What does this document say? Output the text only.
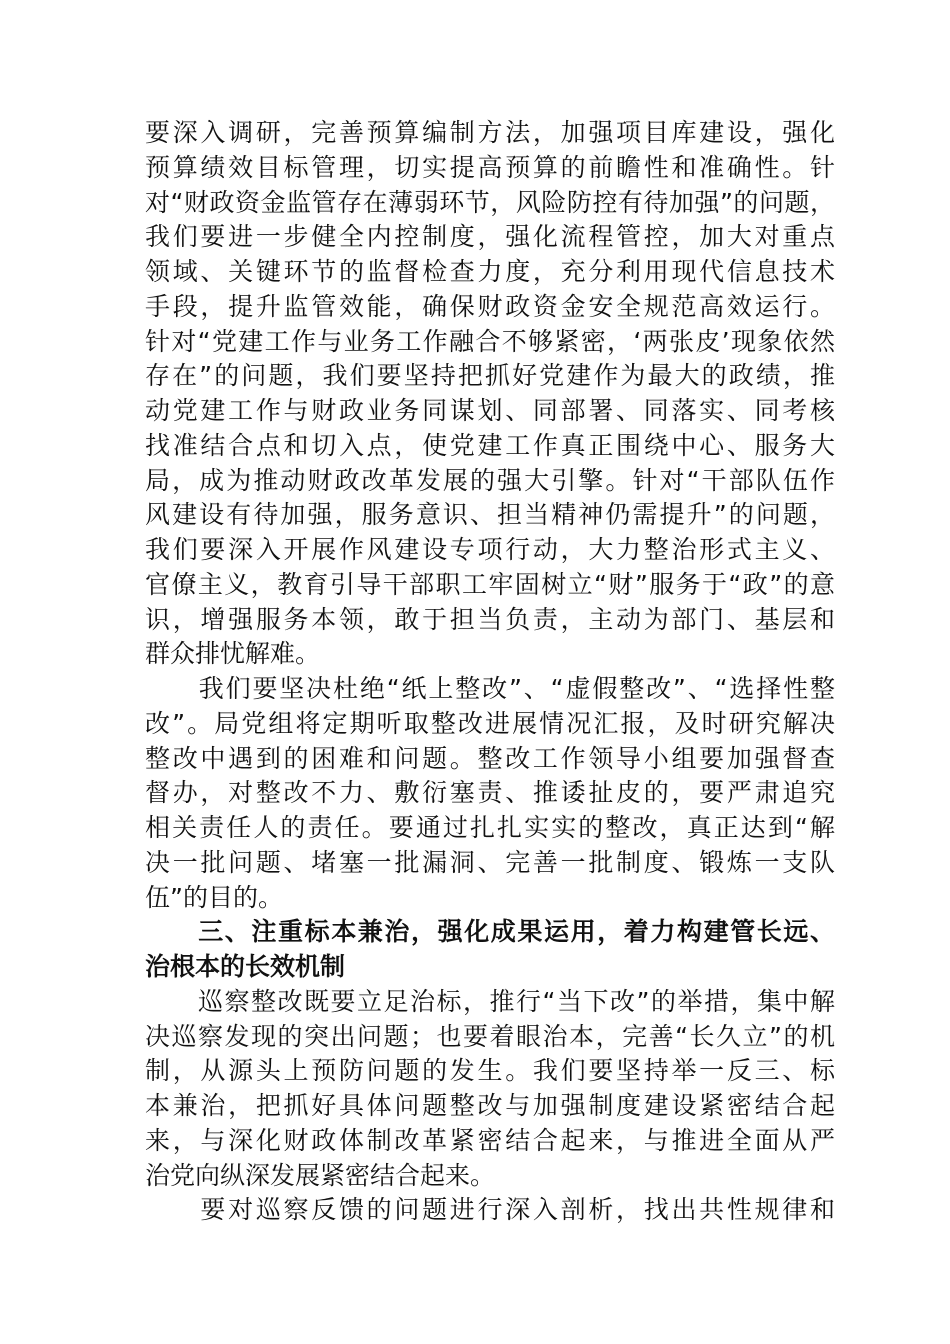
要深入调研，完善预算编制方法，加强项目库建设，强化
预算绩效目标管理，切实提高预算的前瞻性和准确性。针
对“财政资金监管存在薄弱环节，风险防控有待加强”的问题，
我们要进一步健全内控制度，强化流程管控，加大对重点
领域、关键环节的监督检查力度，充分利用现代信息技术
手段，提升监管效能，确保财政资金安全规范高效运行。
针对“党建工作与业务工作融合不够紧密，‘两张皮’现象依然
存在”的问题，我们要坚持把抓好党建作为最大的政绩，推
动党建工作与财政业务同谋划、同部署、同落实、同考核
找准结合点和切入点，使党建工作真正围绕中心、服务大
局，成为推动财政改革发展的强大引擎。针对“干部队伍作
风建设有待加强，服务意识、担当精神仍需提升”的问题，
我们要深入开展作风建设专项行动，大力整治形式主义、
官僚主义，教育引导干部职工牢固树立“财”服务于“政”的意
识，增强服务本领，敢于担当负责，主动为部门、基层和
群众排忧解难。
　　我们要坚决杜绝“纸上整改”、“虚假整改”、“选择性整
改”。局党组将定期听取整改进展情况汇报，及时研究解决
整改中遇到的困难和问题。整改工作领导小组要加强督查
督办，对整改不力、敷衍塞责、推诿扯皮的，要严肃追究
相关责任人的责任。要通过扎扎实实的整改，真正达到“解
决一批问题、堵塞一批漏洞、完善一批制度、锻炼一支队
伍”的目的。
　　三、注重标本兼治，强化成果运用，着力构建管长远、
治根本的长效机制
　　巡察整改既要立足治标，推行“当下改”的举措，集中解
决巡察发现的突出问题；也要着眼治本，完善“长久立”的机
制，从源头上预防问题的发生。我们要坚持举一反三、标
本兼治，把抓好具体问题整改与加强制度建设紧密结合起
来，与深化财政体制改革紧密结合起来，与推进全面从严
治党向纵深发展紧密结合起来。
　　要对巡察反馈的问题进行深入剖析，找出共性规律和
